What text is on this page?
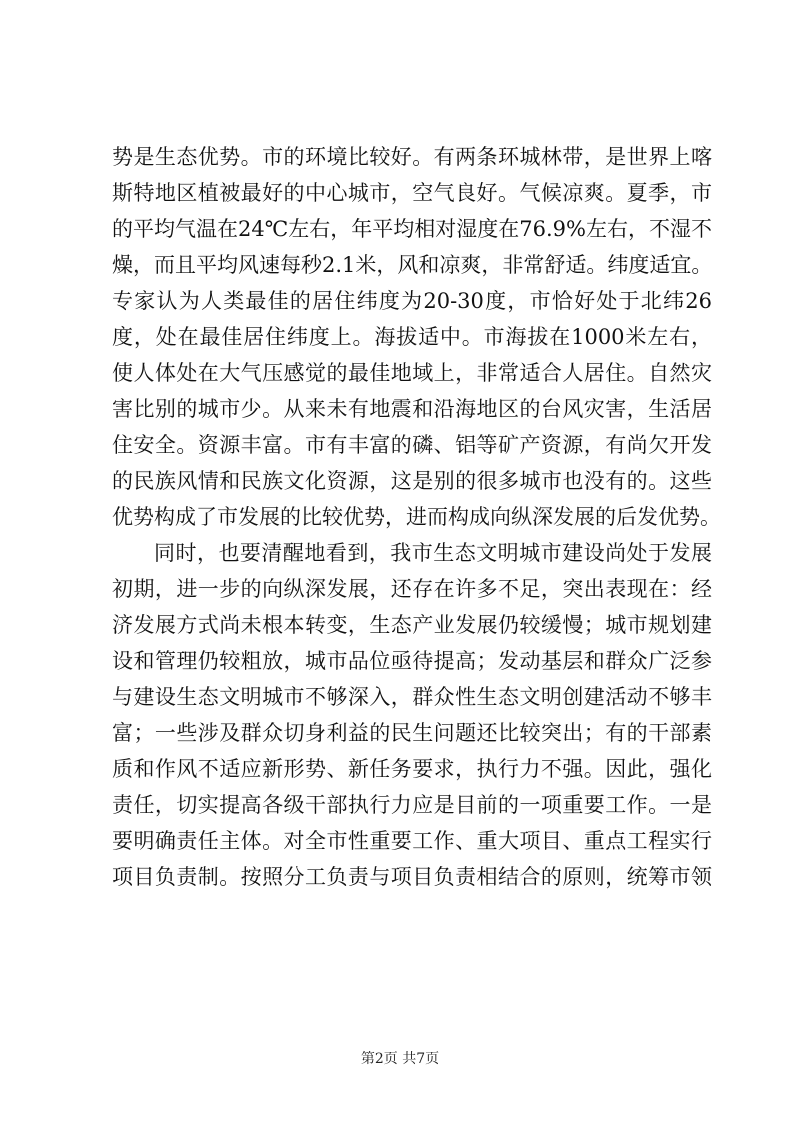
势是生态优势。市的环境比较好。有两条环城林带，是世界上喀
斯特地区植被最好的中心城市，空气良好。气候凉爽。夏季，市
的平均气温在24℃左右，年平均相对湿度在76.9%左右，不湿不
燥，而且平均风速每秒2.1米，风和凉爽，非常舒适。纬度适宜。
专家认为人类最佳的居住纬度为20-30度，市恰好处于北纬26
度，处在最佳居住纬度上。海拔适中。市海拔在1000米左右，
使人体处在大气压感觉的最佳地域上，非常适合人居住。自然灾
害比别的城市少。从来未有地震和沿海地区的台风灾害，生活居
住安全。资源丰富。市有丰富的磷、铝等矿产资源，有尚欠开发
的民族风情和民族文化资源，这是别的很多城市也没有的。这些
优势构成了市发展的比较优势，进而构成向纵深发展的后发优势。
同时，也要清醒地看到，我市生态文明城市建设尚处于发展
初期，进一步的向纵深发展，还存在许多不足，突出表现在：经
济发展方式尚未根本转变，生态产业发展仍较缓慢；城市规划建
设和管理仍较粗放，城市品位亟待提高；发动基层和群众广泛参
与建设生态文明城市不够深入，群众性生态文明创建活动不够丰
富；一些涉及群众切身利益的民生问题还比较突出；有的干部素
质和作风不适应新形势、新任务要求，执行力不强。因此，强化
责任，切实提高各级干部执行力应是目前的一项重要工作。一是
要明确责任主体。对全市性重要工作、重大项目、重点工程实行
项目负责制。按照分工负责与项目负责相结合的原则，统筹市领
第2页 共7页
